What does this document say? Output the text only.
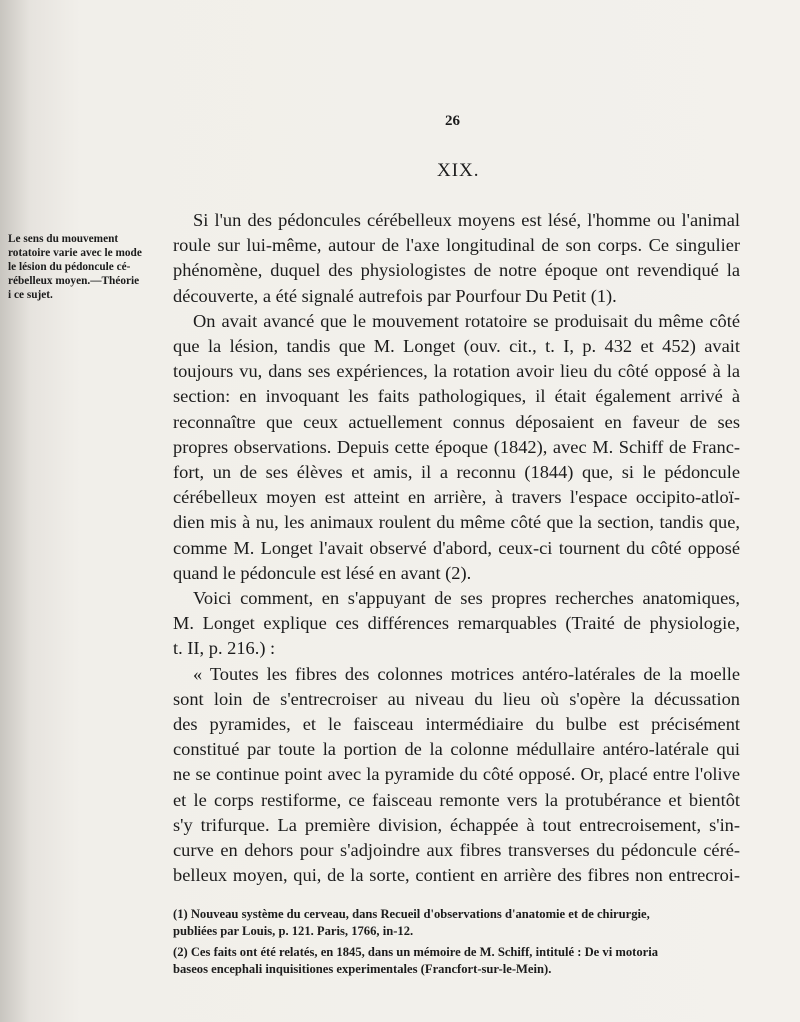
26
XIX.
Le sens du mouvement
rotatoire varie avec le mode
le lésion du pédoncule cé-
rébelleux moyen.—Théorie
i ce sujet.
Si l'un des pédoncules cérébelleux moyens est lésé, l'homme ou l'animal
roule sur lui-même, autour de l'axe longitudinal de son corps. Ce singulier
phénomène, duquel des physiologistes de notre époque ont revendiqué la
découverte, a été signalé autrefois par Pourfour Du Petit (1).
On avait avancé que le mouvement rotatoire se produisait du même côté
que la lésion, tandis que M. Longet (ouv. cit., t. I, p. 432 et 452) avait
toujours vu, dans ses expériences, la rotation avoir lieu du côté opposé à la
section: en invoquant les faits pathologiques, il était également arrivé à
reconnaître que ceux actuellement connus déposaient en faveur de ses
propres observations. Depuis cette époque (1842), avec M. Schiff de Franc-
fort, un de ses élèves et amis, il a reconnu (1844) que, si le pédoncule
cérébelleux moyen est atteint en arrière, à travers l'espace occipito-atloï-
dien mis à nu, les animaux roulent du même côté que la section, tandis que,
comme M. Longet l'avait observé d'abord, ceux-ci tournent du côté opposé
quand le pédoncule est lésé en avant (2).
Voici comment, en s'appuyant de ses propres recherches anatomiques,
M. Longet explique ces différences remarquables (Traité de physiologie,
t. II, p. 216.) :
« Toutes les fibres des colonnes motrices antéro-latérales de la moelle
sont loin de s'entrecroiser au niveau du lieu où s'opère la décussation
des pyramides, et le faisceau intermédiaire du bulbe est précisément
constitué par toute la portion de la colonne médullaire antéro-latérale qui
ne se continue point avec la pyramide du côté opposé. Or, placé entre l'olive
et le corps restiforme, ce faisceau remonte vers la protubérance et bientôt
s'y trifurque. La première division, échappée à tout entrecroisement, s'in-
curve en dehors pour s'adjoindre aux fibres transverses du pédoncule céré-
belleux moyen, qui, de la sorte, contient en arrière des fibres non entrecroi-
(1) Nouveau système du cerveau, dans Recueil d'observations d'anatomie et de chirurgie,
publiées par Louis, p. 121. Paris, 1766, in-12.
(2) Ces faits ont été relatés, en 1845, dans un mémoire de M. Schiff, intitulé : De vi motoria
baseos encephali inquisitiones experimentales (Francfort-sur-le-Mein).
